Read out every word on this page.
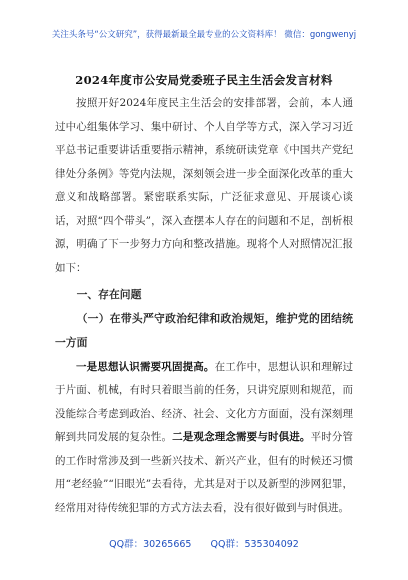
关注头条号“公文研究”，获得最新最全最专业的公文资料库！ 微信：gongwenyj
2024年度市公安局党委班子民主生活会发言材料

按照开好2024年度民主生活会的安排部署，会前，本人通过中心组集体学习、集中研讨、个人自学等方式，深入学习习近平总书记重要讲话重要指示精神，系统研读党章《中国共产党纪律处分条例》等党内法规，深刻领会进一步全面深化改革的重大意义和战略部署。紧密联系实际，广泛征求意见、开展谈心谈话，对照“四个带头”，深入查摆本人存在的问题和不足，剖析根源，明确了下一步努力方向和整改措施。现将个人对照情况汇报如下：

一、存在问题

（一）在带头严守政治纪律和政治规矩，维护党的团结统一方面

一是思想认识需要巩固提高。在工作中，思想认识和理解过于片面、机械，有时只着眼当前的任务，只讲究原则和规范，而没能综合考虑到政治、经济、社会、文化方方面面，没有深刻理解到共同发展的复杂性。二是观念理念需要与时俱进。平时分管的工作时常涉及到一些新兴技术、新兴产业，但有的时候还习惯用“老经验”“旧眼光”去看待，尤其是对于以及新型的涉网犯罪，经常用对待传统犯罪的方式方法去看，没有很好做到与时俱进。

QQ群：30265665 QQ群：535304092
